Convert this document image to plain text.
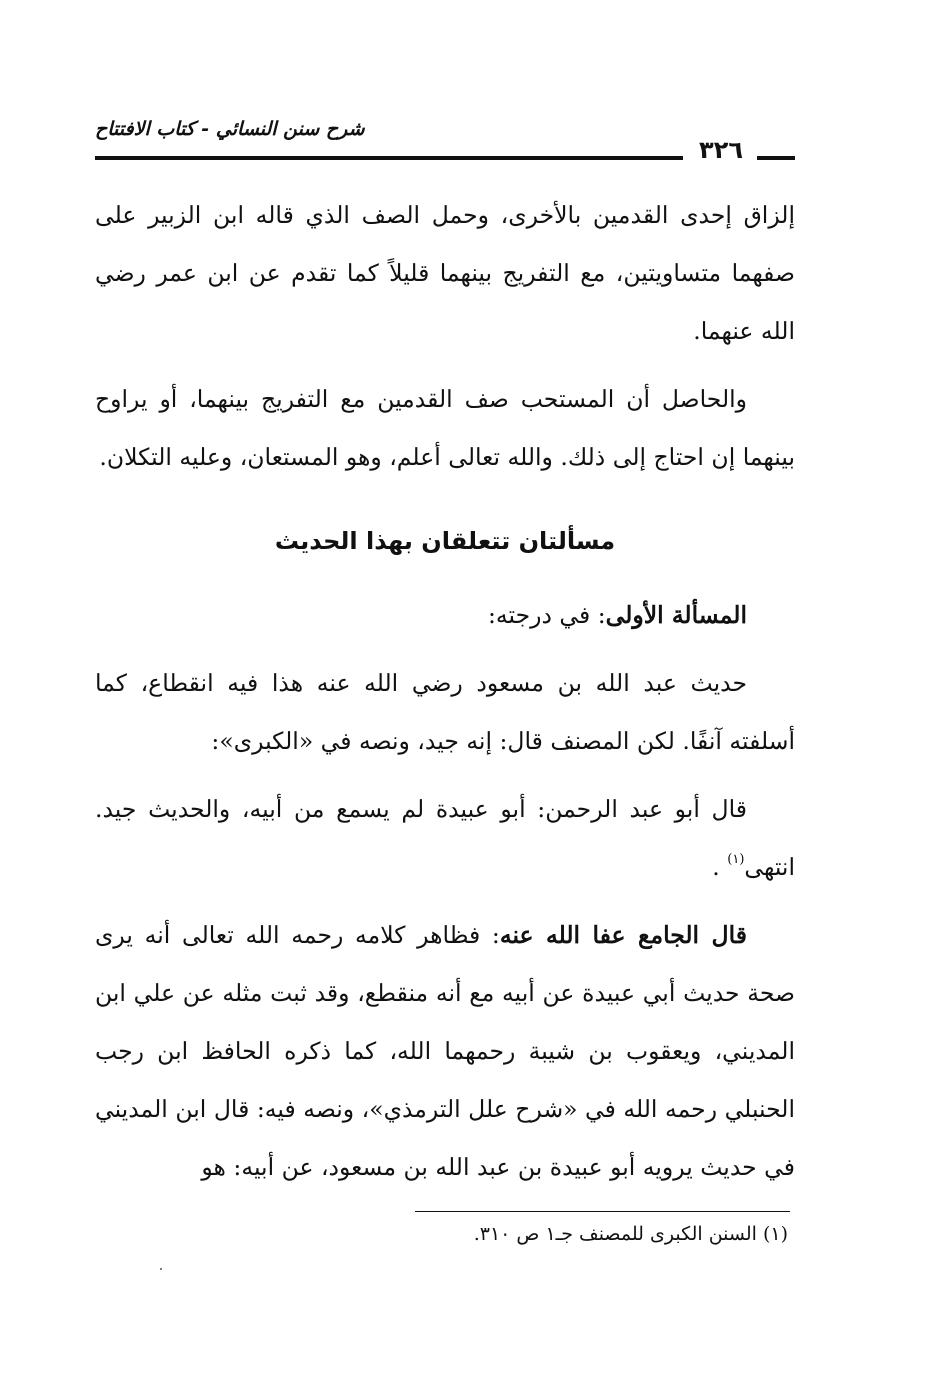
شرح سنن النسائي - كتاب الافتتاح
٣٢٦

إلزاق إحدى القدمين بالأخرى، وحمل الصف الذي قاله ابن الزبير على صفهما متساويتين، مع التفريج بينهما قليلاً كما تقدم عن ابن عمر رضي الله عنهما.

والحاصل أن المستحب صف القدمين مع التفريج بينهما، أو يراوح بينهما إن احتاج إلى ذلك. والله تعالى أعلم، وهو المستعان، وعليه التكلان.

مسألتان تتعلقان بهذا الحديث

المسألة الأولى: في درجته:

حديث عبد الله بن مسعود رضي الله عنه هذا فيه انقطاع، كما أسلفته آنفًا. لكن المصنف قال: إنه جيد، ونصه في «الكبرى»:

قال أبو عبد الرحمن: أبو عبيدة لم يسمع من أبيه، والحديث جيد. انتهى$^{(١)}$ .

قال الجامع عفا الله عنه: فظاهر كلامه رحمه الله تعالى أنه يرى صحة حديث أبي عبيدة عن أبيه مع أنه منقطع، وقد ثبت مثله عن علي ابن المديني، ويعقوب بن شيبة رحمهما الله، كما ذكره الحافظ ابن رجب الحنبلي رحمه الله في «شرح علل الترمذي»، ونصه فيه: قال ابن المديني في حديث يرويه أبو عبيدة بن عبد الله بن مسعود، عن أبيه: هو

(١) السنن الكبرى للمصنف جـ١ ص ٣١٠.
